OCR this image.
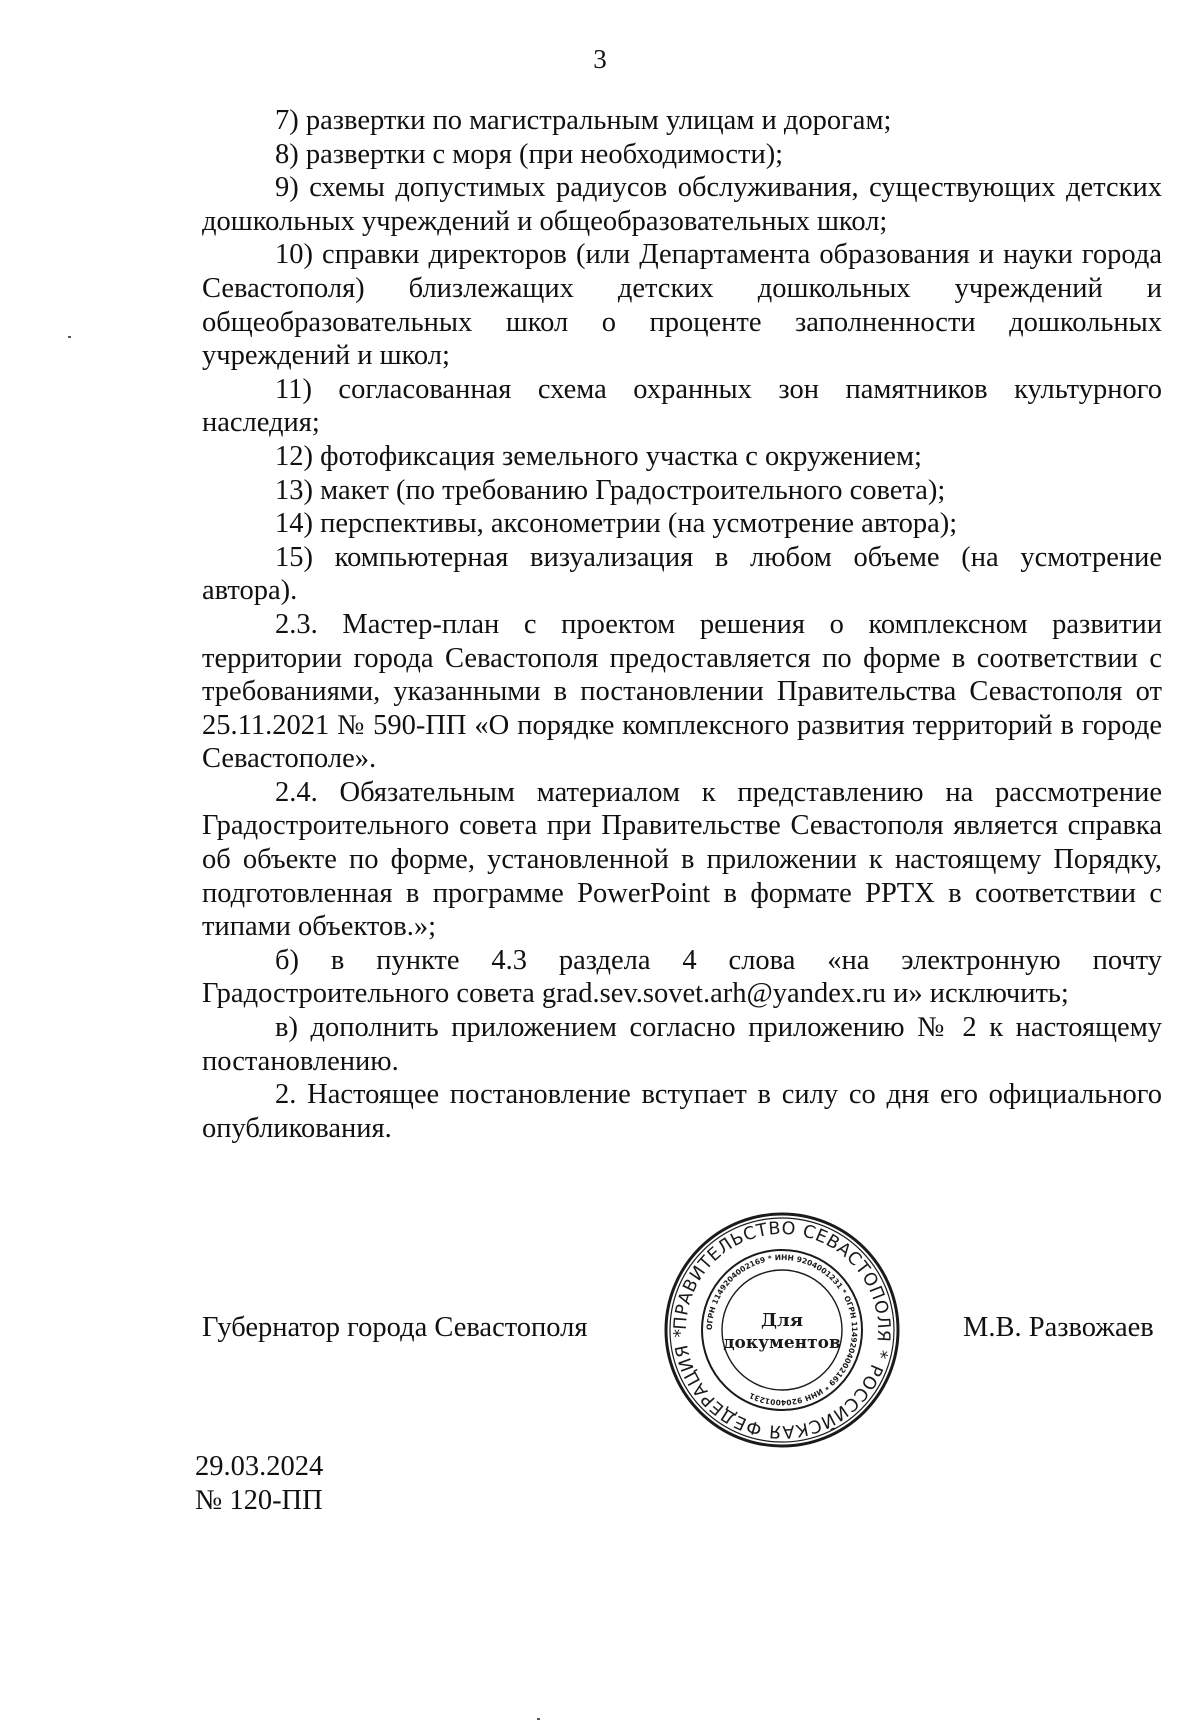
3

7) развертки по магистральным улицам и дорогам;

8) развертки с моря (при необходимости);

9) схемы допустимых радиусов обслуживания, существующих детских дошкольных учреждений и общеобразовательных школ;

10) справки директоров (или Департамента образования и науки города Севастополя) близлежащих детских дошкольных учреждений и общеобразовательных школ о проценте заполненности дошкольных учреждений и школ;

11) согласованная схема охранных зон памятников культурного наследия;

12) фотофиксация земельного участка с окружением;

13) макет (по требованию Градостроительного совета);

14) перспективы, аксонометрии (на усмотрение автора);

15) компьютерная визуализация в любом объеме (на усмотрение автора).

2.3. Мастер-план с проектом решения о комплексном развитии территории города Севастополя предоставляется по форме в соответствии с требованиями, указанными в постановлении Правительства Севастополя от 25.11.2021 № 590-ПП «О порядке комплексного развития территорий в городе Севастополе».

2.4. Обязательным материалом к представлению на рассмотрение Градостроительного совета при Правительстве Севастополя является справка об объекте по форме, установленной в приложении к настоящему Порядку, подготовленная в программе PowerPoint в формате PPTX в соответствии с типами объектов.»;

б) в пункте 4.3 раздела 4 слова «на электронную почту Градостроительного совета grad.sev.sovet.arh@yandex.ru и» исключить;

в) дополнить приложением согласно приложению № 2 к настоящему постановлению.

2. Настоящее постановление вступает в силу со дня его официального опубликования.

Губернатор города Севастополя	М.В. Развожаев
ПРАВИТЕЛЬСТВО СЕВАСТОПОЛЯ * РОССИЙСКАЯ ФЕДЕРАЦИЯ *
ОГРН 1149204002169 * ИНН 9204001231 * ОГРН 1149204002169 * ИНН 9204001231
Для
документов
29.03.2024
№ 120-ПП
